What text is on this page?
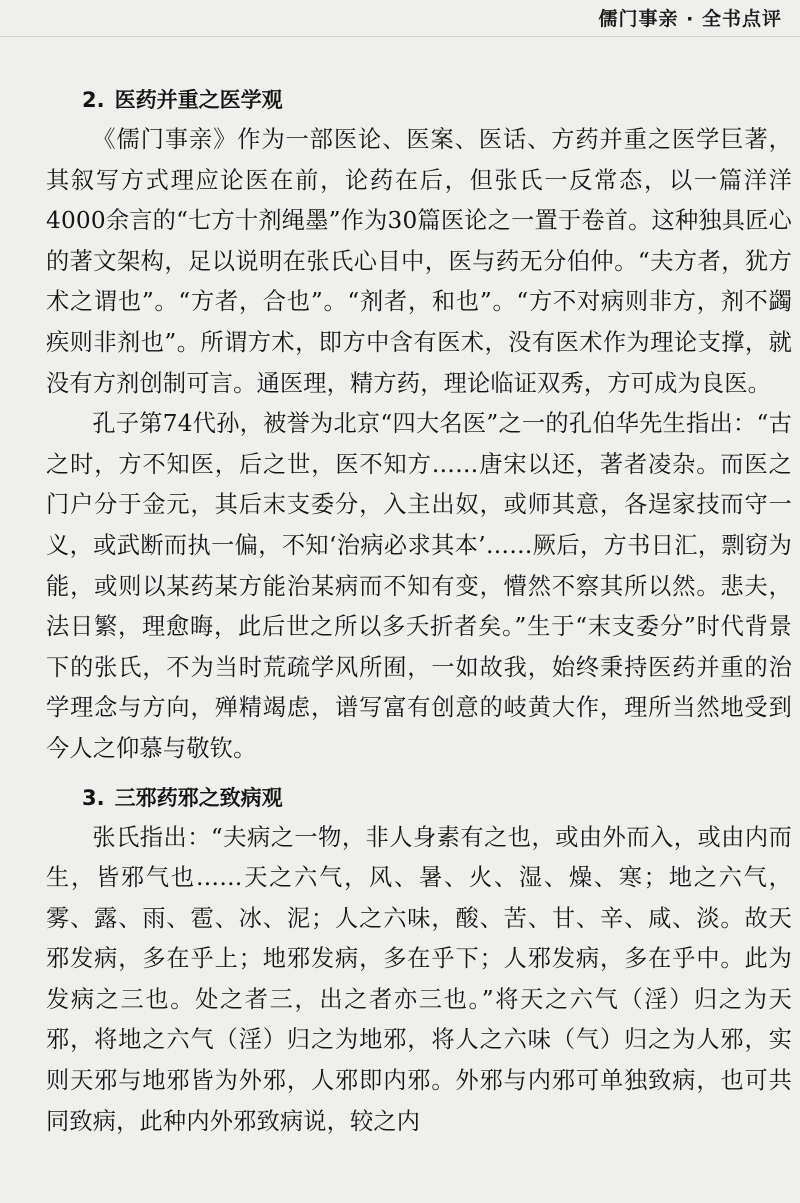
儒门事亲 · 全书点评
2. 医药并重之医学观

《儒门事亲》作为一部医论、医案、医话、方药并重之医学巨著，其叙写方式理应论医在前，论药在后，但张氏一反常态，以一篇洋洋4000余言的“七方十剂绳墨”作为30篇医论之一置于卷首。这种独具匠心的著文架构，足以说明在张氏心目中，医与药无分伯仲。“夫方者，犹方术之谓也”。“方者，合也”。“剂者，和也”。“方不对病则非方，剂不蠲疾则非剂也”。所谓方术，即方中含有医术，没有医术作为理论支撑，就没有方剂创制可言。通医理，精方药，理论临证双秀，方可成为良医。

孔子第74代孙，被誉为北京“四大名医”之一的孔伯华先生指出：“古之时，方不知医，后之世，医不知方……唐宋以还，著者凌杂。而医之门户分于金元，其后末支委分，入主出奴，或师其意，各逞家技而守一义，或武断而执一偏，不知‘治病必求其本’……厥后，方书日汇，剽窃为能，或则以某药某方能治某病而不知有变，懵然不察其所以然。悲夫，法日繁，理愈晦，此后世之所以多夭折者矣。”生于“末支委分”时代背景下的张氏，不为当时荒疏学风所囿，一如故我，始终秉持医药并重的治学理念与方向，殚精竭虑，谱写富有创意的岐黄大作，理所当然地受到今人之仰慕与敬钦。

3. 三邪药邪之致病观

张氏指出：“夫病之一物，非人身素有之也，或由外而入，或由内而生，皆邪气也……天之六气，风、暑、火、湿、燥、寒；地之六气，雾、露、雨、雹、冰、泥；人之六味，酸、苦、甘、辛、咸、淡。故天邪发病，多在乎上；地邪发病，多在乎下；人邪发病，多在乎中。此为发病之三也。处之者三，出之者亦三也。”将天之六气（淫）归之为天邪，将地之六气（淫）归之为地邪，将人之六味（气）归之为人邪，实则天邪与地邪皆为外邪，人邪即内邪。外邪与内邪可单独致病，也可共同致病，此种内外邪致病说，较之内
